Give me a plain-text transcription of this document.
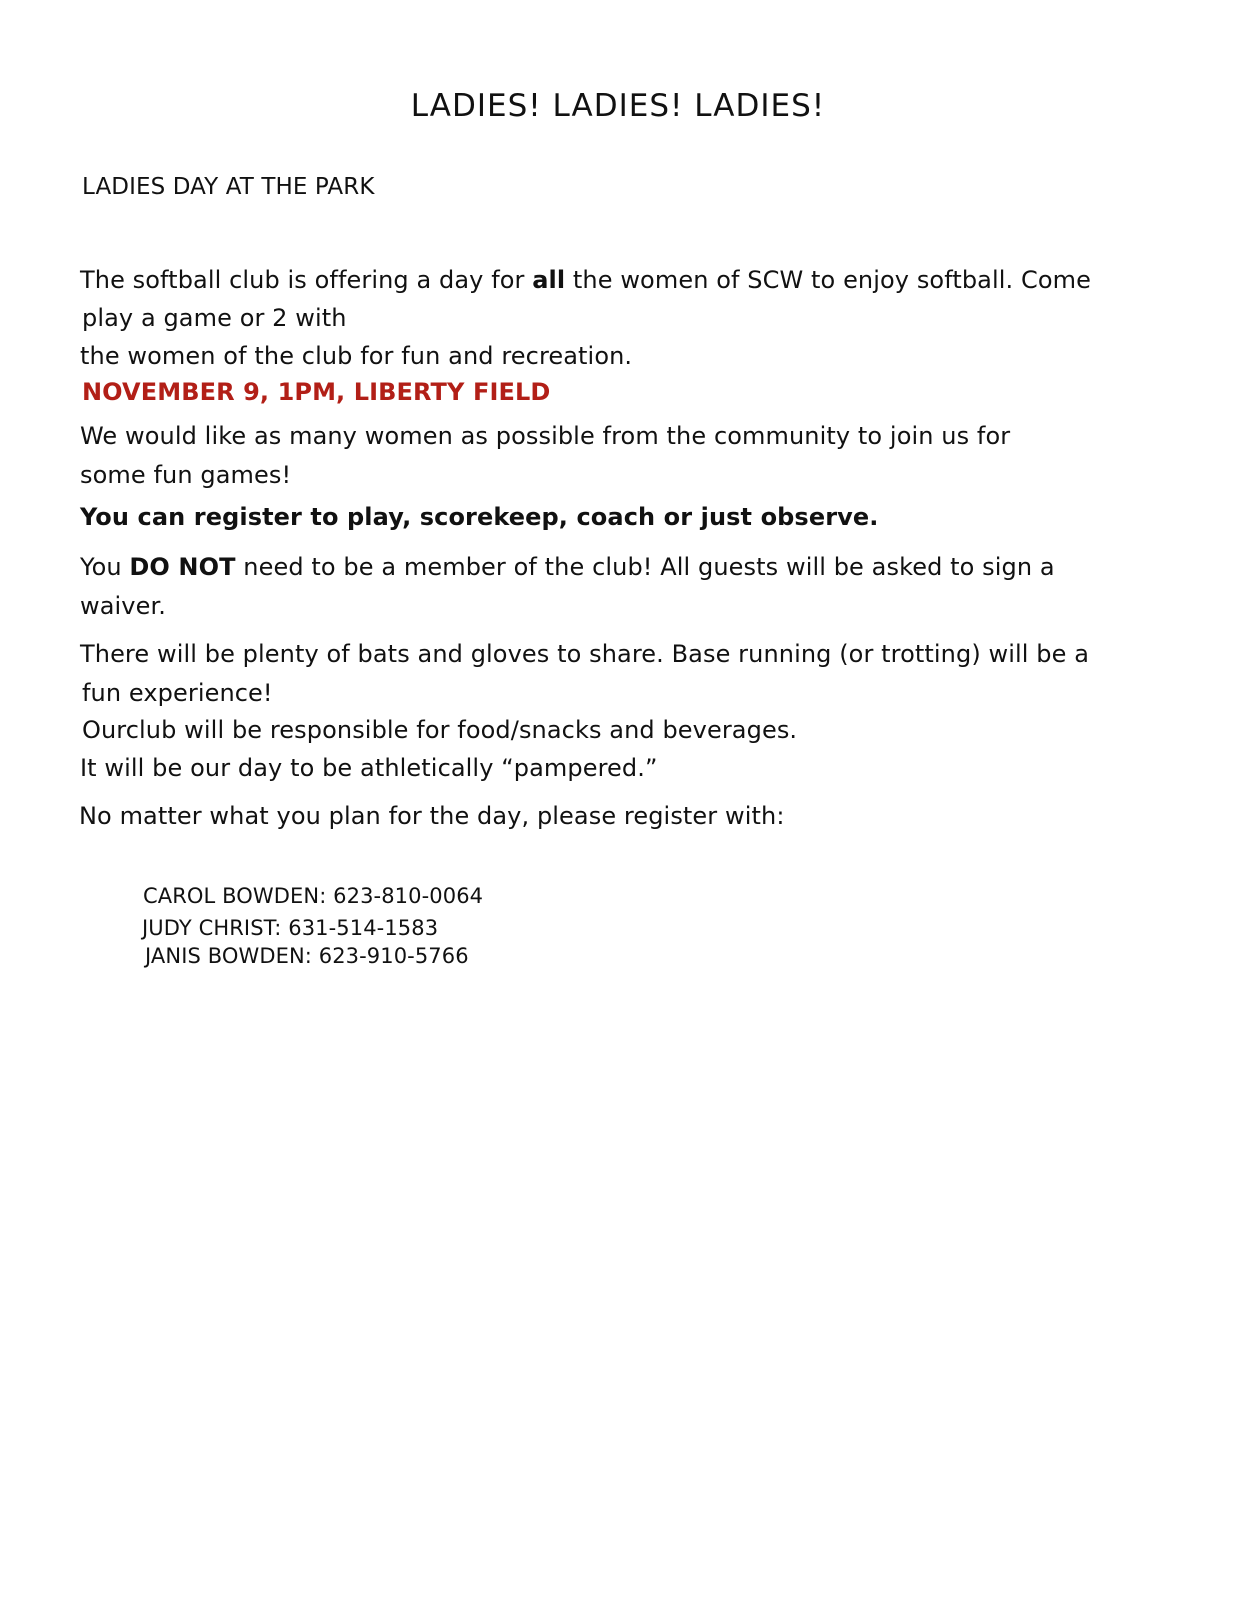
LADIES! LADIES! LADIES!
LADIES DAY AT THE PARK
The softball club is offering a day for all the women of SCW to enjoy softball. Come
play a game or 2 with
the women of the club for fun and recreation.
NOVEMBER 9, 1PM, LIBERTY FIELD
We would like as many women as possible from the community to join us for
some fun games!
You can register to play, scorekeep, coach or just observe.
You DO NOT need to be a member of the club! All guests will be asked to sign a
waiver.
There will be plenty of bats and gloves to share. Base running (or trotting) will be a
fun experience!
Ourclub will be responsible for food/snacks and beverages.
It will be our day to be athletically “pampered.”
No matter what you plan for the day, please register with:
CAROL BOWDEN: 623-810-0064
JUDY CHRIST: 631-514-1583
JANIS BOWDEN: 623-910-5766
